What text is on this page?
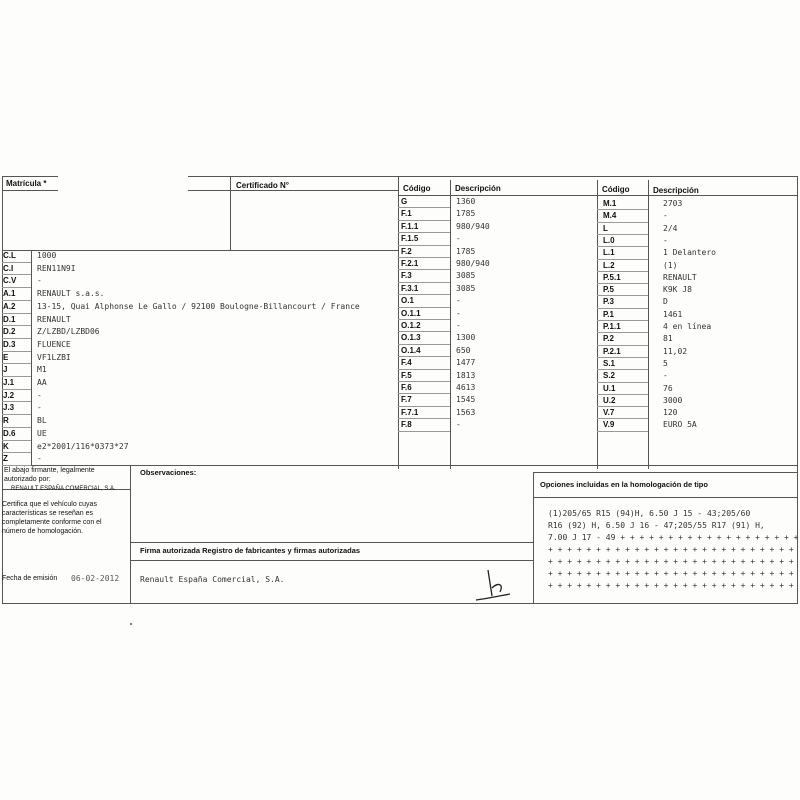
Matrícula *	Certificado N°	Código	Descripción	Código	Descripción
C.L	1000
C.I	REN11N9I
C.V	-
A.1	RENAULT s.a.s.
A.2	13-15, Quai Alphonse Le Gallo / 92100 Boulogne-Billancourt / France
D.1	RENAULT
D.2	Z/LZBD/LZBD06
D.3	FLUENCE
E	VF1LZBI
J	M1
J.1	AA
J.2	-
J.3	-
R	BL
D.6	UE
K	e2*2001/116*0373*27
Z	-
G	1360
F.1	1785
F.1.1	980/940
F.1.5	-
F.2	1785
F.2.1	980/940
F.3	3085
F.3.1	3085
O.1	-
O.1.1	-
O.1.2	-
O.1.3	1300
O.1.4	650
F.4	1477
F.5	1813
F.6	4613
F.7	1545
F.7.1	1563
F.8	-
M.1	2703
M.4	-
L	2/4
L.0	-
L.1	1 Delantero
L.2	(1)
P.5.1	RENAULT
P.5	K9K J8
P.3	D
P.1	1461
P.1.1	4 en línea
P.2	81
P.2.1	11,02
S.1	5
S.2	-
U.1	76
U.2	3000
V.7	120
V.9	EURO 5A
El abajo firmante, legalmente
autorizado por:
RENAULT ESPAÑA COMERCIAL, S.A.
Certifica que el vehículo cuyas
características se reseñan es
completamente conforme con el
número de homologación.
Fecha de emisión 06-02-2012
Observaciones:
Firma autorizada Registro de fabricantes y firmas autorizadas
Renault España Comercial, S.A.
Opciones incluidas en la homologación de tipo
(1)205/65 R15 (94)H, 6.50 J 15 - 43;205/60
R16 (92) H, 6.50 J 16 - 47;205/55 R17 (91) H,
7.00 J 17 - 49 + + + + + + + + + + + + + + + + + + +
+ + + + + + + + + + + + + + + + + + + + + + + + + +
+ + + + + + + + + + + + + + + + + + + + + + + + + +
+ + + + + + + + + + + + + + + + + + + + + + + + + +
+ + + + + + + + + + + + + + + + + + + + + + + + + +
